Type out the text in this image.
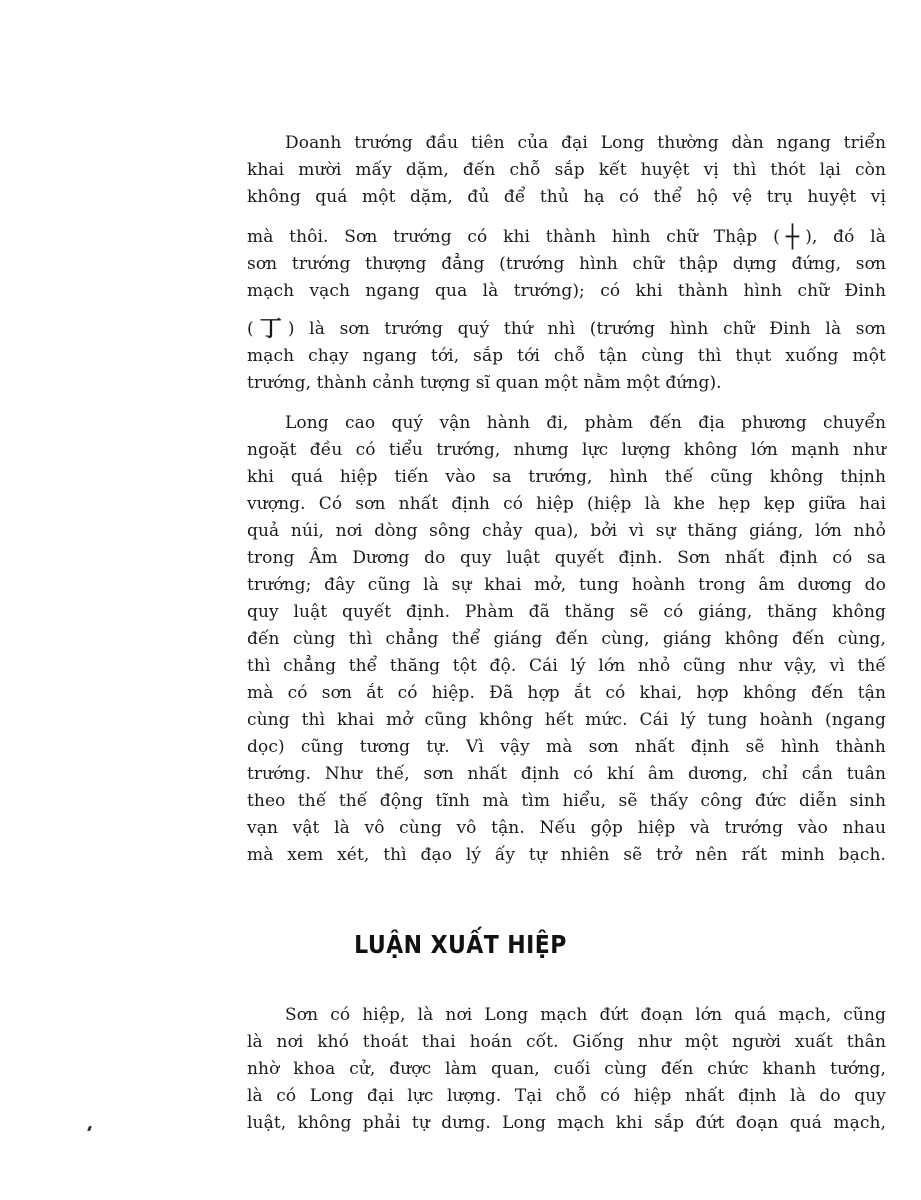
Doanh trướng đầu tiên của đại Long thường dàn ngang triển
khai mười mấy dặm, đến chỗ sắp kết huyệt vị thì thót lại còn
không quá một dặm, đủ để thủ hạ có thể hộ vệ trụ huyệt vị
mà thôi. Sơn trướng có khi thành hình chữ Thập ( ┼ ), đó là
sơn trướng thượng đẳng (trướng hình chữ thập dựng đứng, sơn
mạch vạch ngang qua là trướng); có khi thành hình chữ Đinh
( 丁 ) là sơn trướng quý thứ nhì (trướng hình chữ Đinh là sơn
mạch chạy ngang tới, sắp tới chỗ tận cùng thì thụt xuống một
trướng, thành cảnh tượng sĩ quan một nằm một đứng).
Long cao quý vận hành đi, phàm đến địa phương chuyển
ngoặt đều có tiểu trướng, nhưng lực lượng không lớn mạnh như
khi quá hiệp tiến vào sa trướng, hình thế cũng không thịnh
vượng. Có sơn nhất định có hiệp (hiệp là khe hẹp kẹp giữa hai
quả núi, nơi dòng sông chảy qua), bởi vì sự thăng giáng, lớn nhỏ
trong Âm Dương do quy luật quyết định. Sơn nhất định có sa
trướng; đây cũng là sự khai mở, tung hoành trong âm dương do
quy luật quyết định. Phàm đã thăng sẽ có giáng, thăng không
đến cùng thì chẳng thể giáng đến cùng, giáng không đến cùng,
thì chẳng thể thăng tột độ. Cái lý lớn nhỏ cũng như vậy, vì thế
mà có sơn ắt có hiệp. Đã hợp ắt có khai, hợp không đến tận
cùng thì khai mở cũng không hết mức. Cái lý tung hoành (ngang
dọc) cũng tương tự. Vì vậy mà sơn nhất định sẽ hình thành
trướng. Như thế, sơn nhất định có khí âm dương, chỉ cần tuân
theo thế thế động tĩnh mà tìm hiểu, sẽ thấy công đức diễn sinh
vạn vật là vô cùng vô tận. Nếu gộp hiệp và trướng vào nhau
mà xem xét, thì đạo lý ấy tự nhiên sẽ trở nên rất minh bạch.
LUẬN XUẤT HIỆP
Sơn có hiệp, là nơi Long mạch đứt đoạn lớn quá mạch, cũng
là nơi khó thoát thai hoán cốt. Giống như một người xuất thân
nhờ khoa cử, được làm quan, cuối cùng đến chức khanh tướng,
là có Long đại lực lượng. Tại chỗ có hiệp nhất định là do quy
luật, không phải tự dưng. Long mạch khi sắp đứt đoạn quá mạch,
